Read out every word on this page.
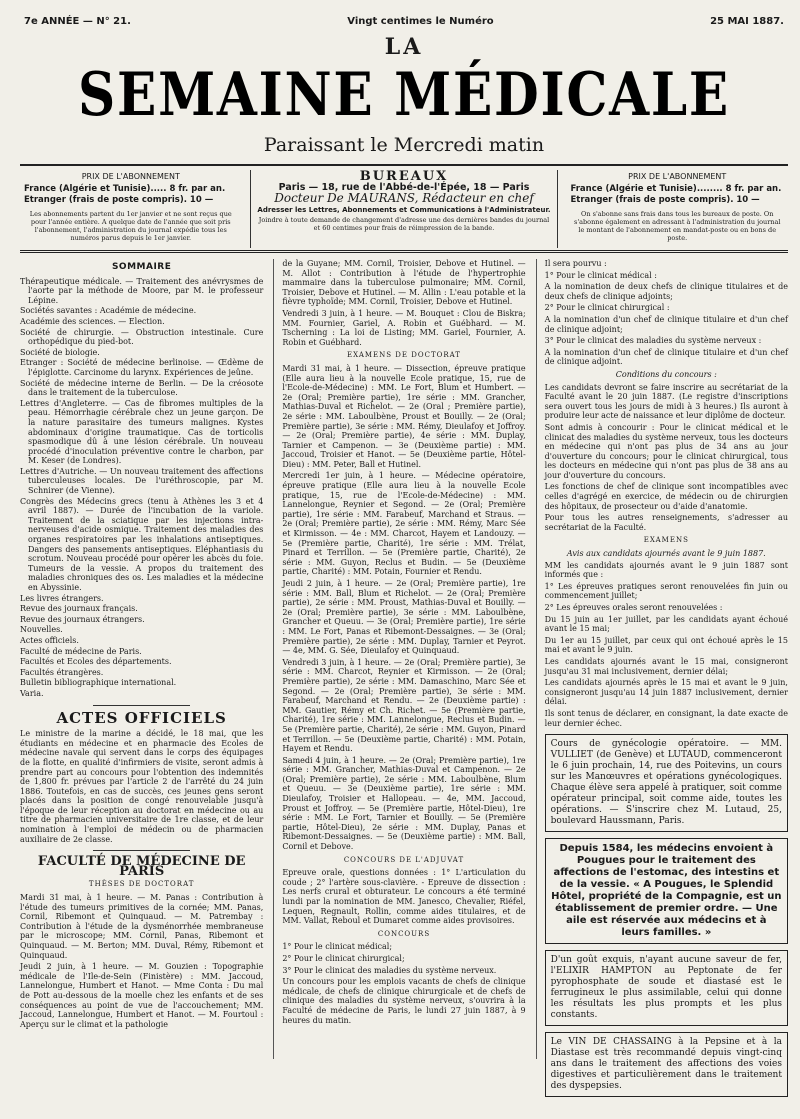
7e ANNÉE — N° 21.	Vingt centimes le Numéro	25 MAI 1887.
LA
SEMAINE MÉDICALE
Paraissant le Mercredi matin
PRIX DE L'ABONNEMENT
France (Algérie et Tunisie)..... 8 fr. par an.
Etranger (frais de poste compris). 10 —
Les abonnements partent du 1er janvier et ne sont reçus que pour l'année entière. A quelque date de l'année que soit pris l'abonnement, l'administration du journal expédie tous les numéros parus depuis le 1er janvier.
BUREAUX
Paris — 18, rue de l'Abbé-de-l'Épée, 18 — Paris
Docteur De MAURANS, Rédacteur en chef
Adresser les Lettres, Abonnements et Communications à l'Administrateur.
Joindre à toute demande de changement d'adresse une des dernières bandes du journal et 60 centimes pour frais de réimpression de la bande.
PRIX DE L'ABONNEMENT
France (Algérie et Tunisie)........ 8 fr. par an.
Etranger (frais de poste compris). 10 —
On s'abonne sans frais dans tous les bureaux de poste. On s'abonne également en adressant à l'administration du journal le montant de l'abonnement en mandat-poste ou en bons de poste.
SOMMAIRE
Thérapeutique médicale. — Traitement des anévrysmes de l'aorte par la méthode de Moore, par M. le professeur Lépine.
Sociétés savantes : Académie de médecine.
Académie des sciences. — Election.
Société de chirurgie. — Obstruction intestinale. Cure orthopédique du pied-bot.
Société de biologie.
Etranger : Société de médecine berlinoise. — Œdème de l'épiglotte. Carcinome du larynx. Expériences de jeûne.
Société de médecine interne de Berlin. — De la créosote dans le traitement de la tuberculose.
Lettres d'Angleterre. — Cas de fibromes multiples de la peau. Hémorrhagie cérébrale chez un jeune garçon. De la nature parasitaire des tumeurs malignes. Kystes abdominaux d'origine traumatique. Cas de torticolis spasmodique dû à une lésion cérébrale. Un nouveau procédé d'inoculation préventive contre le charbon, par M. Keser (de Londres).
Lettres d'Autriche. — Un nouveau traitement des affections tuberculeuses locales. De l'uréthroscopie, par M. Schnirer (de Vienne).
Congrès des Médecins grecs (tenu à Athènes les 3 et 4 avril 1887). — Durée de l'incubation de la variole. Traitement de la sciatique par les injections intra-nerveuses d'acide osmique. Traitement des maladies des organes respiratoires par les inhalations antiseptiques. Dangers des pansements antiseptiques. Eléphantiasis du scrotum. Nouveau procédé pour opérer les abcès du foie. Tumeurs de la vessie. A propos du traitement des maladies chroniques des os. Les maladies et la médecine en Abyssinie.
Les livres étrangers.
Revue des journaux français.
Revue des journaux étrangers.
Nouvelles.
Actes officiels.
Faculté de médecine de Paris.
Facultés et Ecoles des départements.
Facultés étrangères.
Bulletin bibliographique international.
Varia.
ACTES OFFICIELS

Le ministre de la marine a décidé, le 18 mai, que les étudiants en médecine et en pharmacie des Ecoles de médecine navale qui servent dans le corps des équipages de la flotte, en qualité d'infirmiers de visite, seront admis à prendre part au concours pour l'obtention des indemnités de 1,800 fr. prévues par l'article 2 de l'arrêté du 24 juin 1886. Toutefois, en cas de succès, ces jeunes gens seront placés dans la position de congé renouvelable jusqu'à l'époque de leur réception au doctorat en médecine ou au titre de pharmacien universitaire de 1re classe, et de leur nomination à l'emploi de médecin ou de pharmacien auxiliaire de 2e classe.

FACULTÉ DE MÉDECINE DE PARIS
THÈSES DE DOCTORAT

Mardi 31 mai, à 1 heure. — M. Panas : Contribution à l'étude des tumeurs primitives de la cornée; MM. Panas, Cornil, Ribemont et Quinquaud. — M. Patrembay : Contribution à l'étude de la dysménorrhée membraneuse par le microscope; MM. Cornil, Panas, Ribemont et Quinquaud. — M. Berton; MM. Duval, Rémy, Ribemont et Quinquaud.

Jeudi 2 juin, à 1 heure. — M. Gouzien : Topographie médicale de l'Ile-de-Sein (Finistère) : MM. Jaccoud, Lannelongue, Humbert et Hanot. — Mme Conta : Du mal de Pott au-dessous de la moelle chez les enfants et de ses conséquences au point de vue de l'accouchement; MM. Jaccoud, Lannelongue, Humbert et Hanot. — M. Fourtoul : Aperçu sur le climat et la pathologie

de la Guyane; MM. Cornil, Troisier, Debove et Hutinel. — M. Allot : Contribution à l'étude de l'hypertrophie mammaire dans la tuberculose pulmonaire; MM. Cornil, Troisier, Debove et Hutinel. — M. Allin : L'eau potable et la fièvre typhoïde; MM. Cornil, Troisier, Debove et Hutinel.

Vendredi 3 juin, à 1 heure. — M. Bouquet : Clou de Biskra; MM. Fournier, Gariel, A. Robin et Guébhard. — M. Tscherning : La loi de Listing; MM. Gariel, Fournier, A. Robin et Guébhard.

EXAMENS DE DOCTORAT

Mardi 31 mai, à 1 heure. — Dissection, épreuve pratique (Elle aura lieu à la nouvelle Ecole pratique, 15, rue de l'Ecole-de-Médecine) : MM. Le Fort, Blum et Humbert. — 2e (Oral; Première partie), 1re série : MM. Grancher, Mathias-Duval et Richelot. — 2e (Oral ; Première partie), 2e série : MM. Laboulbène, Proust et Bouilly. — 2e (Oral; Première partie), 3e série : MM. Rémy, Dieulafoy et Joffroy. — 2e (Oral; Première partie), 4e série : MM. Duplay, Tarnier et Campenon. — 3e (Deuxième partie) : MM. Jaccoud, Troisier et Hanot. — 5e (Deuxième partie, Hôtel-Dieu) : MM. Peter, Ball et Hutinel.

Mercredi 1er juin, à 1 heure. — Médecine opératoire, épreuve pratique (Elle aura lieu à la nouvelle Ecole pratique, 15, rue de l'Ecole-de-Médecine) : MM. Lannelongue, Reynier et Segond. — 2e (Oral; Première partie), 1re série : MM. Farabeuf, Marchand et Straus. — 2e (Oral; Première partie), 2e série : MM. Rémy, Marc Sée et Kirmisson. — 4e : MM. Charcot, Hayem et Landouzy. — 5e (Première partie, Charité), 1re série : MM. Trélat, Pinard et Terrillon. — 5e (Première partie, Charité), 2e série : MM. Guyon, Reclus et Budin. — 5e (Deuxième partie, Charité) : MM. Potain, Fournier et Rendu.

Jeudi 2 juin, à 1 heure. — 2e (Oral; Première partie), 1re série : MM. Ball, Blum et Richelot. — 2e (Oral; Première partie), 2e série : MM. Proust, Mathias-Duval et Bouilly. — 2e (Oral; Première partie), 3e série : MM. Laboulbène, Grancher et Queuu. — 3e (Oral; Première partie), 1re série : MM. Le Fort, Panas et Ribemont-Dessaignes. — 3e (Oral; Première partie), 2e série : MM. Duplay, Tarnier et Peyrot. — 4e, MM. G. Sée, Dieulafoy et Quinquaud.

Vendredi 3 juin, à 1 heure. — 2e (Oral; Première partie), 3e série : MM. Charcot, Reynier et Kirmisson. — 2e (Oral; Première partie), 2e série : MM. Damaschino, Marc Sée et Segond. — 2e (Oral; Première partie), 3e série : MM. Farabeuf, Marchand et Rendu. — 2e (Deuxième partie) : MM. Gautier, Rémy et Ch. Richet. — 5e (Première partie, Charité), 1re série : MM. Lannelongue, Reclus et Budin. — 5e (Première partie, Charité), 2e série : MM. Guyon, Pinard et Terrillon. — 5e (Deuxième partie, Charité) : MM. Potain, Hayem et Rendu.

Samedi 4 juin, à 1 heure. — 2e (Oral; Première partie), 1re série : MM. Grancher, Mathias-Duval et Campenon. — 2e (Oral; Première partie), 2e série : MM. Laboulbène, Blum et Queuu. — 3e (Deuxième partie), 1re série : MM. Dieulafoy, Troisier et Hallopeau. — 4e, MM. Jaccoud, Proust et Joffroy. — 5e (Première partie, Hôtel-Dieu), 1re série : MM. Le Fort, Tarnier et Bouilly. — 5e (Première partie, Hôtel-Dieu), 2e série : MM. Duplay, Panas et Ribemont-Dessaignes. — 5e (Deuxième partie) : MM. Ball, Cornil et Debove.

CONCOURS DE L'ADJUVAT

Epreuve orale, questions données : 1° L'articulation du coude ; 2° l'artère sous-clavière. - Epreuve de dissection : Les nerfs crural et obturateur. Le concours a été terminé lundi par la nomination de MM. Janesco, Chevalier, Riéfel, Lequen, Regnault, Rollin, comme aides titulaires, et de MM. Vallat, Reboul et Dumaret comme aides provisoires.

CONCOURS

1° Pour le clinicat médical;

2° Pour le clinicat chirurgical;

3° Pour le clinicat des maladies du système nerveux.

Un concours pour les emplois vacants de chefs de clinique médicale, de chefs de clinique chirurgicale et de chefs de clinique des maladies du système nerveux, s'ouvrira à la Faculté de médecine de Paris, le lundi 27 juin 1887, à 9 heures du matin.

Il sera pourvu :

1° Pour le clinicat médical :

A la nomination de deux chefs de clinique titulaires et de deux chefs de clinique adjoints;

2° Pour le clinicat chirurgical :

A la nomination d'un chef de clinique titulaire et d'un chef de clinique adjoint;

3° Pour le clinicat des maladies du système nerveux :

A la nomination d'un chef de clinique titulaire et d'un chef de clinique adjoint.

Conditions du concours :

Les candidats devront se faire inscrire au secrétariat de la Faculté avant le 20 juin 1887. (Le registre d'inscriptions sera ouvert tous les jours de midi à 3 heures.) Ils auront à produire leur acte de naissance et leur diplôme de docteur.

Sont admis à concourir : Pour le clinicat médical et le clinicat des maladies du système nerveux, tous les docteurs en médecine qui n'ont pas plus de 34 ans au jour d'ouverture du concours; pour le clinicat chirurgical, tous les docteurs en médecine qui n'ont pas plus de 38 ans au jour d'ouverture du concours.

Les fonctions de chef de clinique sont incompatibles avec celles d'agrégé en exercice, de médecin ou de chirurgien des hôpitaux, de prosecteur ou d'aide d'anatomie.

Pour tous les autres renseignements, s'adresser au secrétariat de la Faculté.

EXAMENS
Avis aux candidats ajournés avant le 9 juin 1887.

MM les candidats ajournés avant le 9 juin 1887 sont informés que :

1° Les épreuves pratiques seront renouvelées fin juin ou commencement juillet;

2° Les épreuves orales seront renouvelées :

Du 15 juin au 1er juillet, par les candidats ayant échoué avant le 15 mai;

Du 1er au 15 juillet, par ceux qui ont échoué après le 15 mai et avant le 9 juin.

Les candidats ajournés avant le 15 mai, consigneront jusqu'au 31 mai inclusivement, dernier délai;

Les candidats ajournés après le 15 mai et avant le 9 juin, consigneront jusqu'au 14 juin 1887 inclusivement, dernier délai.

Ils sont tenus de déclarer, en consignant, la date exacte de leur dernier échec.

Cours de gynécologie opératoire. — MM. VULLIET (de Genève) et LUTAUD, commenceront le 6 juin prochain, 14, rue des Poitevins, un cours sur les Manœuvres et opérations gynécologiques. Chaque élève sera appelé à pratiquer, soit comme opérateur principal, soit comme aide, toutes les opérations. — S'inscrire chez M. Lutaud, 25, boulevard Haussmann, Paris.
Depuis 1584, les médecins envoient à Pougues pour le traitement des affections de l'estomac, des intestins et de la vessie. « A Pougues, le Splendid Hôtel, propriété de la Compagnie, est un établissement de premier ordre. — Une aile est réservée aux médecins et à leurs familles. »
D'un goût exquis, n'ayant aucune saveur de fer, l'ELIXIR HAMPTON au Peptonate de fer pyrophosphate de soude et diastasé est le ferrugineux le plus assimilable, celui qui donne les résultats les plus prompts et les plus constants.
Le VIN DE CHASSAING à la Pepsine et à la Diastase est très recommandé depuis vingt-cinq ans dans le traitement des affections des voies digestives et particulièrement dans le traitement des dyspepsies.
